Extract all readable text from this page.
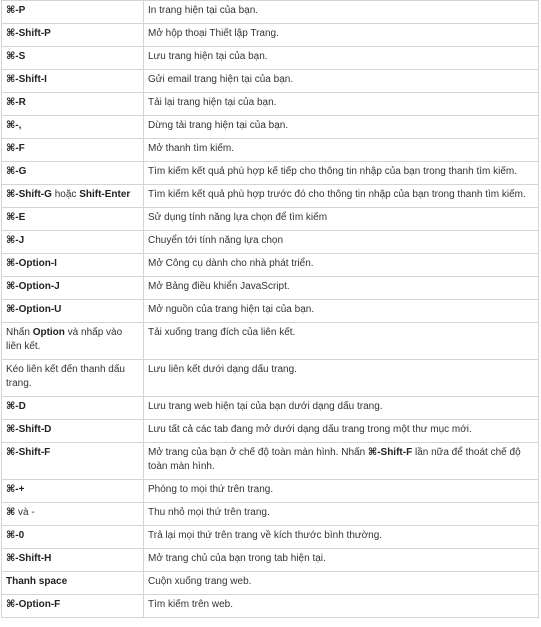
⌘-P	In trang hiện tại của bạn.
⌘-Shift-P	Mở hộp thoại Thiết lập Trang.
⌘-S	Lưu trang hiện tại của bạn.
⌘-Shift-I	Gửi email trang hiện tại của bạn.
⌘-R	Tải lại trang hiện tại của bạn.
⌘-,	Dừng tải trang hiện tại của bạn.
⌘-F	Mở thanh tìm kiếm.
⌘-G	Tìm kiếm kết quả phù hợp kế tiếp cho thông tin nhập của bạn trong thanh tìm kiếm.
⌘-Shift-G hoặc Shift-Enter	Tìm kiếm kết quả phù hợp trước đó cho thông tin nhập của bạn trong thanh tìm kiếm.
⌘-E	Sử dụng tính năng lựa chọn để tìm kiếm
⌘-J	Chuyển tới tính năng lựa chọn
⌘-Option-I	Mở Công cụ dành cho nhà phát triển.
⌘-Option-J	Mở Bảng điều khiển JavaScript.
⌘-Option-U	Mở nguồn của trang hiện tại của bạn.
Nhấn Option và nhấp vào liên kết.	Tải xuống trang đích của liên kết.
Kéo liên kết đến thanh dấu trang.	Lưu liên kết dưới dạng dấu trang.
⌘-D	Lưu trang web hiện tại của bạn dưới dạng dấu trang.
⌘-Shift-D	Lưu tất cả các tab đang mở dưới dạng dấu trang trong một thư mục mới.
⌘-Shift-F	Mở trang của bạn ở chế độ toàn màn hình. Nhấn ⌘-Shift-F lần nữa để thoát chế độ toàn màn hình.
⌘-+	Phóng to mọi thứ trên trang.
⌘ và -	Thu nhỏ mọi thứ trên trang.
⌘-0	Trả lại mọi thứ trên trang về kích thước bình thường.
⌘-Shift-H	Mở trang chủ của bạn trong tab hiện tại.
Thanh space	Cuộn xuống trang web.
⌘-Option-F	Tìm kiếm trên web.
